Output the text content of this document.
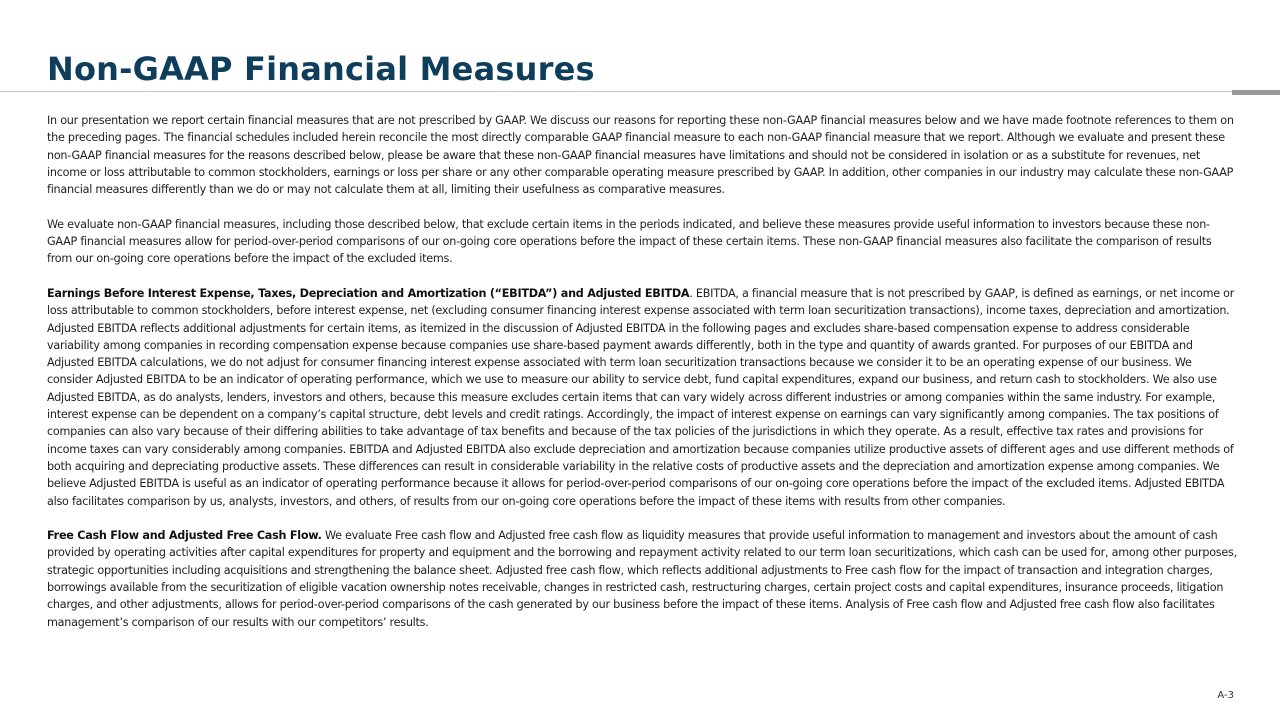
Non-GAAP Financial Measures

In our presentation we report certain financial measures that are not prescribed by GAAP. We discuss our reasons for reporting these non-GAAP financial measures below and we have made footnote references to them on the preceding pages. The financial schedules included herein reconcile the most directly comparable GAAP financial measure to each non-GAAP financial measure that we report. Although we evaluate and present these non-GAAP financial measures for the reasons described below, please be aware that these non-GAAP financial measures have limitations and should not be considered in isolation or as a substitute for revenues, net income or loss attributable to common stockholders, earnings or loss per share or any other comparable operating measure prescribed by GAAP. In addition, other companies in our industry may calculate these non-GAAP financial measures differently than we do or may not calculate them at all, limiting their usefulness as comparative measures.

We evaluate non-GAAP financial measures, including those described below, that exclude certain items in the periods indicated, and believe these measures provide useful information to investors because these non-GAAP financial measures allow for period-over-period comparisons of our on-going core operations before the impact of these certain items. These non-GAAP financial measures also facilitate the comparison of results from our on-going core operations before the impact of the excluded items.

Earnings Before Interest Expense, Taxes, Depreciation and Amortization (“EBITDA”) and Adjusted EBITDA. EBITDA, a financial measure that is not prescribed by GAAP, is defined as earnings, or net income or loss attributable to common stockholders, before interest expense, net (excluding consumer financing interest expense associated with term loan securitization transactions), income taxes, depreciation and amortization. Adjusted EBITDA reflects additional adjustments for certain items, as itemized in the discussion of Adjusted EBITDA in the following pages and excludes share-based compensation expense to address considerable variability among companies in recording compensation expense because companies use share-based payment awards differently, both in the type and quantity of awards granted. For purposes of our EBITDA and Adjusted EBITDA calculations, we do not adjust for consumer financing interest expense associated with term loan securitization transactions because we consider it to be an operating expense of our business. We consider Adjusted EBITDA to be an indicator of operating performance, which we use to measure our ability to service debt, fund capital expenditures, expand our business, and return cash to stockholders. We also use Adjusted EBITDA, as do analysts, lenders, investors and others, because this measure excludes certain items that can vary widely across different industries or among companies within the same industry. For example, interest expense can be dependent on a company’s capital structure, debt levels and credit ratings. Accordingly, the impact of interest expense on earnings can vary significantly among companies. The tax positions of companies can also vary because of their differing abilities to take advantage of tax benefits and because of the tax policies of the jurisdictions in which they operate. As a result, effective tax rates and provisions for income taxes can vary considerably among companies. EBITDA and Adjusted EBITDA also exclude depreciation and amortization because companies utilize productive assets of different ages and use different methods of both acquiring and depreciating productive assets. These differences can result in considerable variability in the relative costs of productive assets and the depreciation and amortization expense among companies. We believe Adjusted EBITDA is useful as an indicator of operating performance because it allows for period-over-period comparisons of our on-going core operations before the impact of the excluded items. Adjusted EBITDA also facilitates comparison by us, analysts, investors, and others, of results from our on-going core operations before the impact of these items with results from other companies.

Free Cash Flow and Adjusted Free Cash Flow. We evaluate Free cash flow and Adjusted free cash flow as liquidity measures that provide useful information to management and investors about the amount of cash provided by operating activities after capital expenditures for property and equipment and the borrowing and repayment activity related to our term loan securitizations, which cash can be used for, among other purposes, strategic opportunities including acquisitions and strengthening the balance sheet. Adjusted free cash flow, which reflects additional adjustments to Free cash flow for the impact of transaction and integration charges, borrowings available from the securitization of eligible vacation ownership notes receivable, changes in restricted cash, restructuring charges, certain project costs and capital expenditures, insurance proceeds, litigation charges, and other adjustments, allows for period-over-period comparisons of the cash generated by our business before the impact of these items. Analysis of Free cash flow and Adjusted free cash flow also facilitates management’s comparison of our results with our competitors’ results.

A-3
